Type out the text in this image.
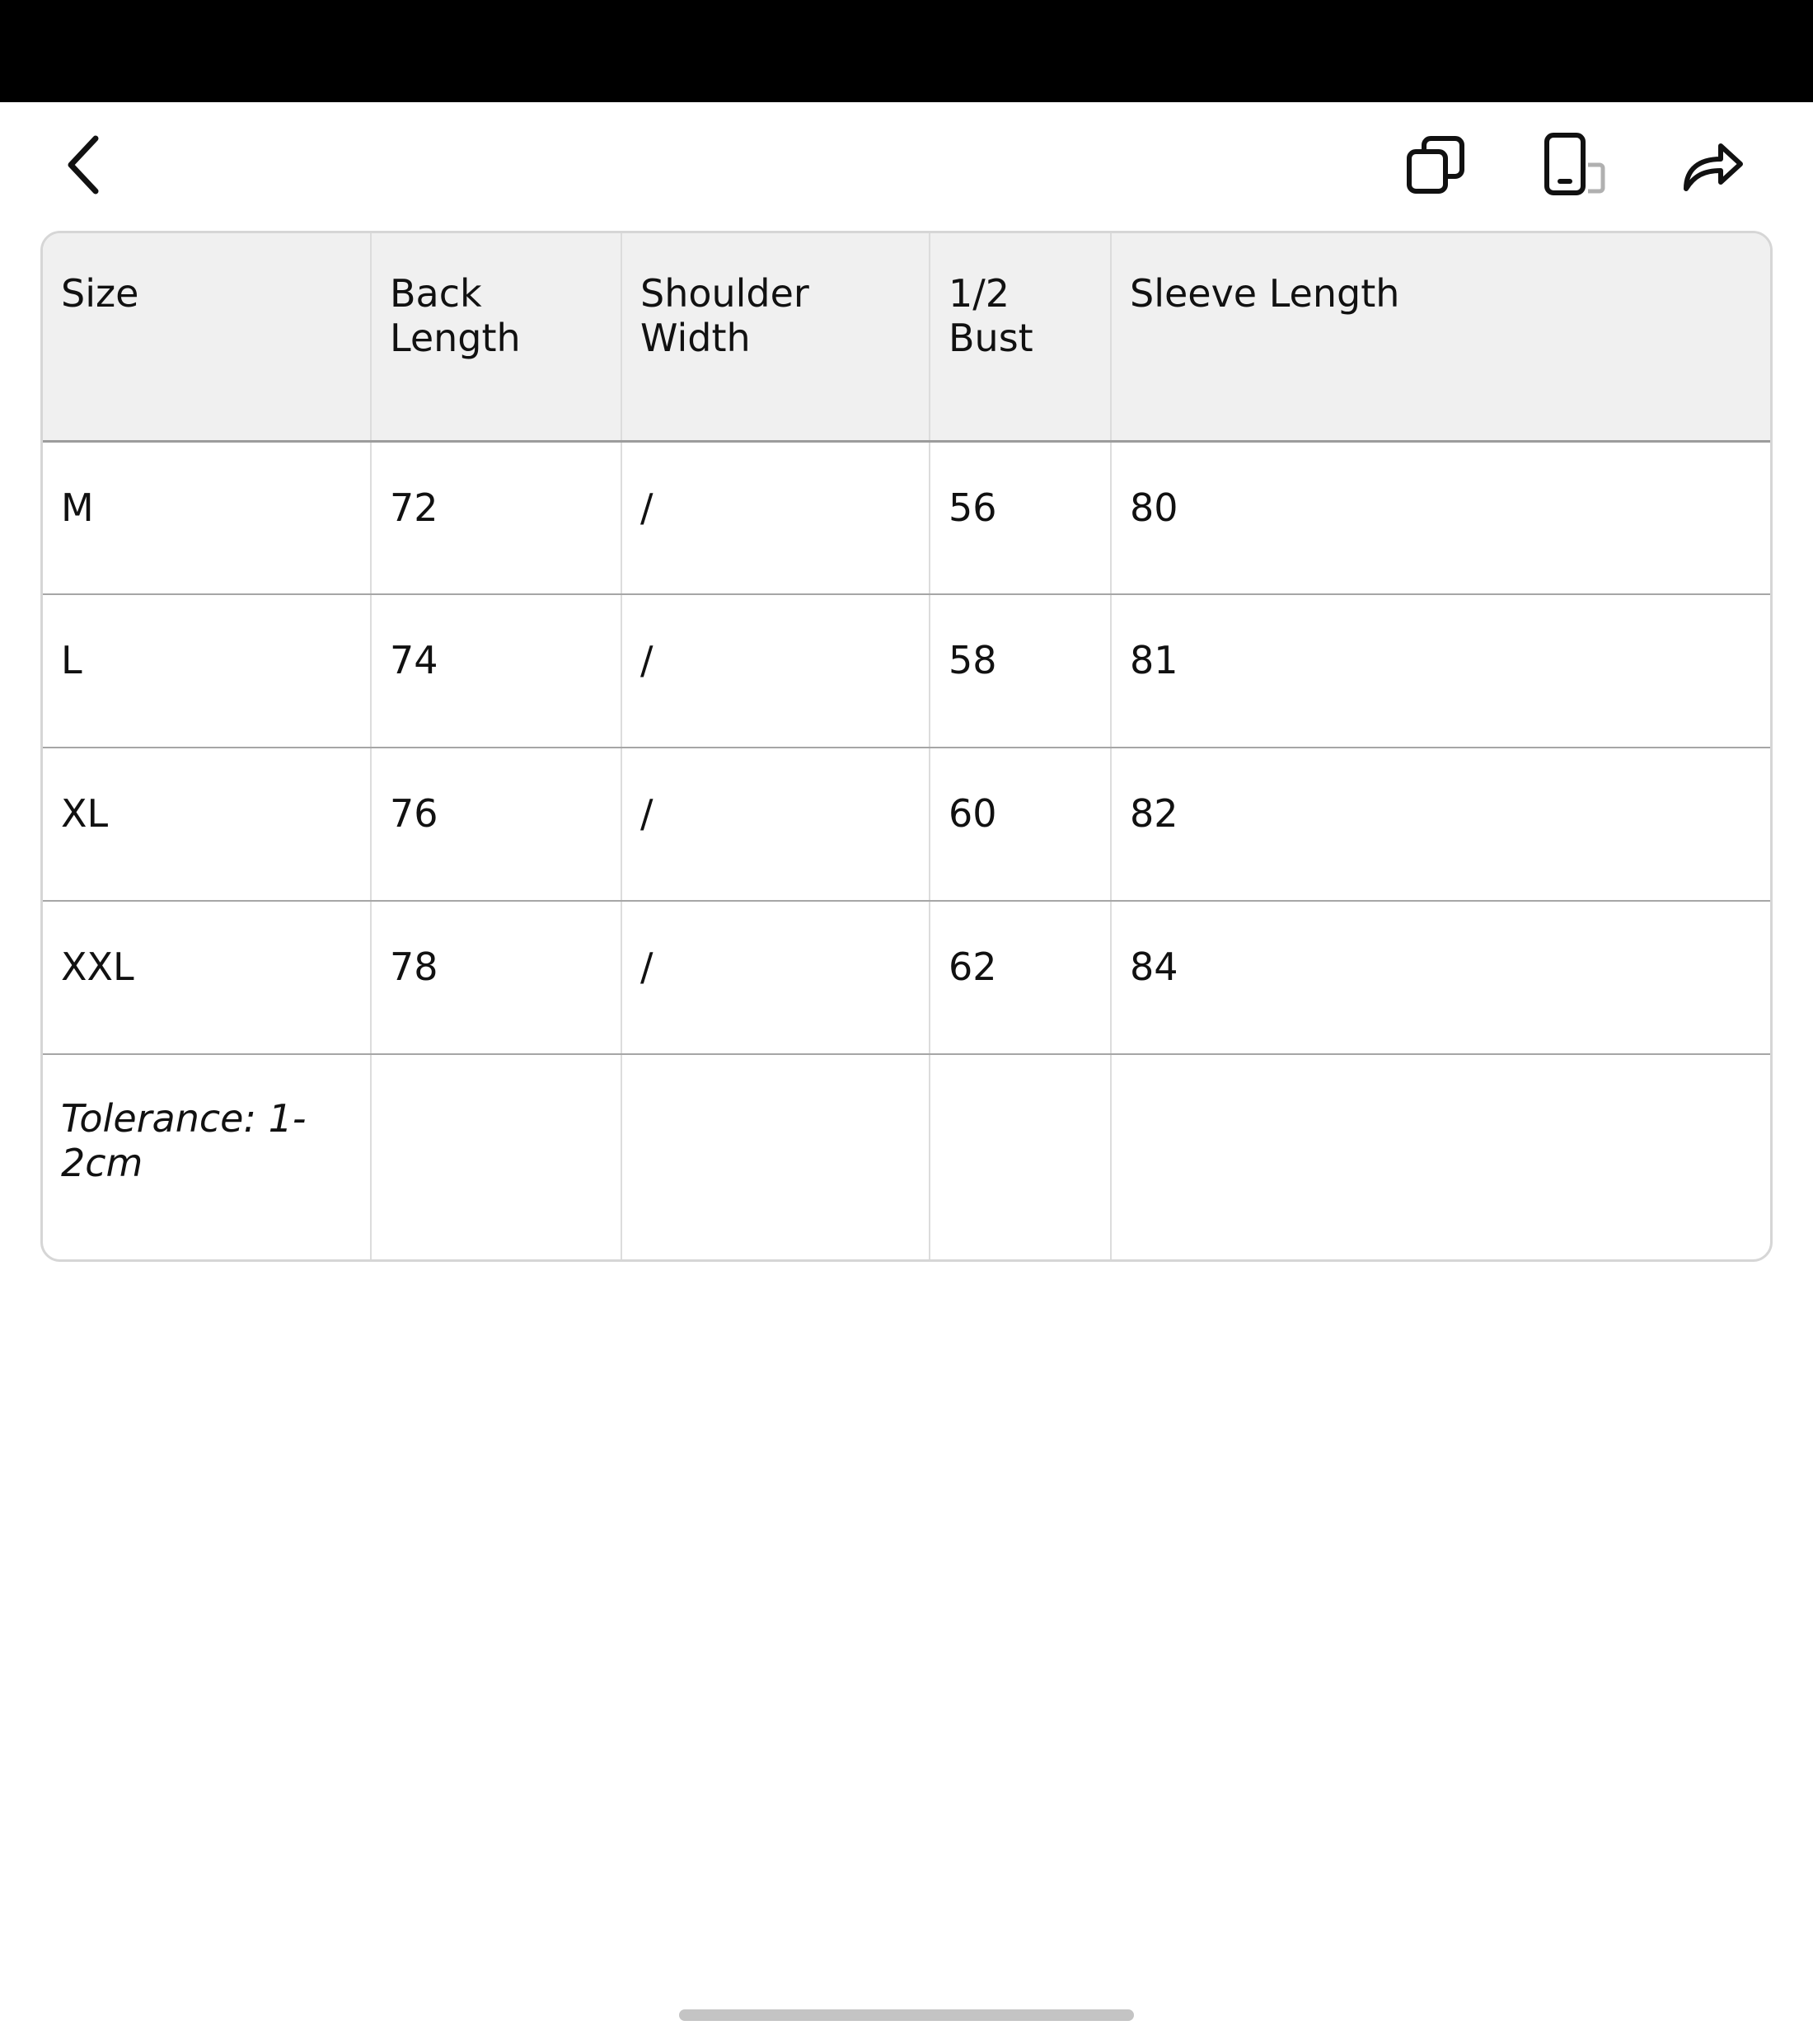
Size	Back Length	Shoulder Width	1/2 Bust	Sleeve Length
M	72	/	56	80
L	74	/	58	81
XL	76	/	60	82
XXL	78	/	62	84
Tolerance: 1-2cm				
